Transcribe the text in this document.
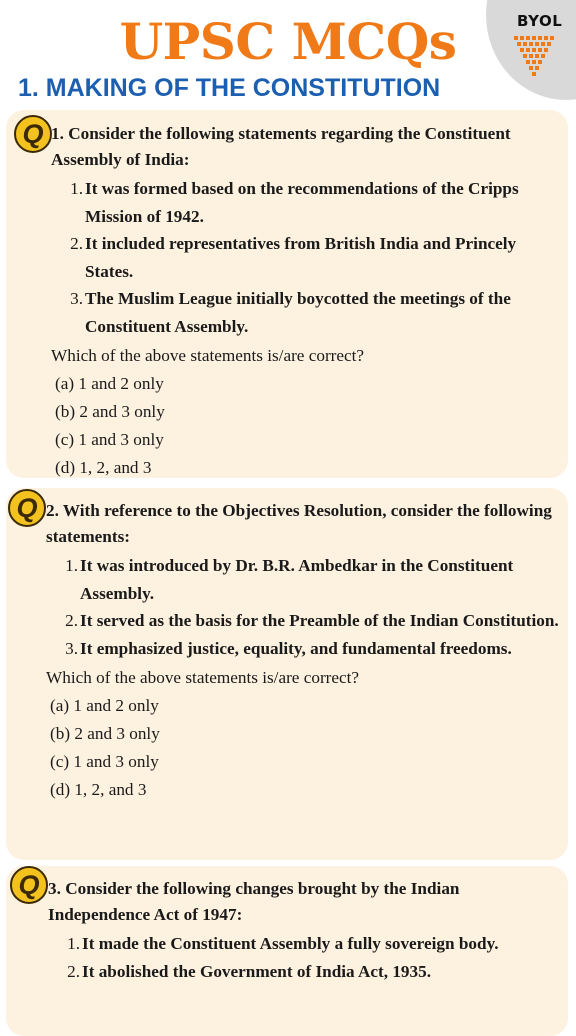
BYOL
UPSC MCQs
1. MAKING OF THE CONSTITUTION
Q 1. Consider the following statements regarding the Constituent Assembly of India:

1. It was formed based on the recommendations of the Cripps Mission of 1942.
2. It included representatives from British India and Princely States.
3. The Muslim League initially boycotted the meetings of the Constituent Assembly.

Which of the above statements is/are correct?

(a) 1 and 2 only
(b) 2 and 3 only
(c) 1 and 3 only
(d) 1, 2, and 3
Q 2. With reference to the Objectives Resolution, consider the following statements:

1. It was introduced by Dr. B.R. Ambedkar in the Constituent Assembly.
2. It served as the basis for the Preamble of the Indian Constitution.
3. It emphasized justice, equality, and fundamental freedoms.

Which of the above statements is/are correct?

(a) 1 and 2 only
(b) 2 and 3 only
(c) 1 and 3 only
(d) 1, 2, and 3
Q 3. Consider the following changes brought by the Indian Independence Act of 1947:

1. It made the Constituent Assembly a fully sovereign body.
2. It abolished the Government of India Act, 1935.
